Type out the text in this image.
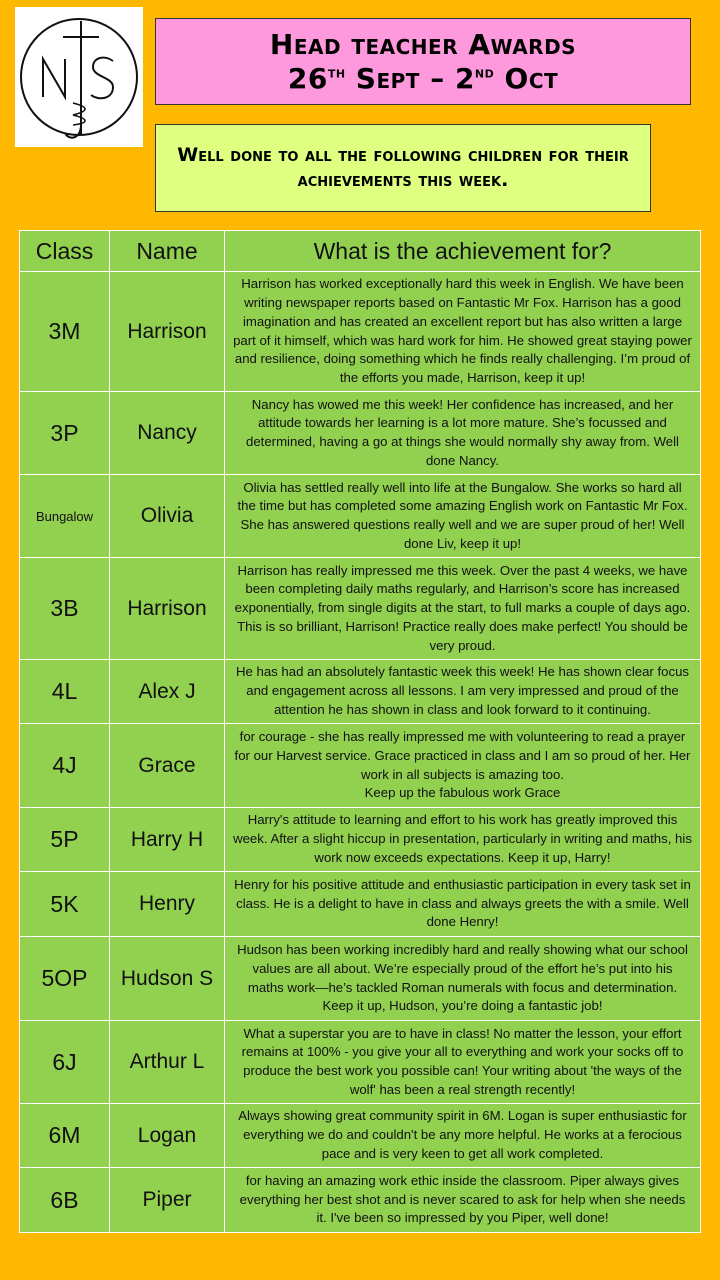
Head teacher Awards
26th Sept – 2nd Oct
Well done to all the following children for their achievements this week.
Class	Name	What is the achievement for?
3M	Harrison	Harrison has worked exceptionally hard this week in English. We have been writing newspaper reports based on Fantastic Mr Fox. Harrison has a good imagination and has created an excellent report but has also written a large part of it himself, which was hard work for him. He showed great staying power and resilience, doing something which he finds really challenging. I’m proud of the efforts you made, Harrison, keep it up!
3P	Nancy	Nancy has wowed me this week! Her confidence has increased, and her attitude towards her learning is a lot more mature. She’s focussed and determined, having a go at things she would normally shy away from. Well done Nancy.
Bungalow	Olivia	Olivia has settled really well into life at the Bungalow. She works so hard all the time but has completed some amazing English work on Fantastic Mr Fox. She has answered questions really well and we are super proud of her! Well done Liv, keep it up!
3B	Harrison	Harrison has really impressed me this week. Over the past 4 weeks, we have been completing daily maths regularly, and Harrison’s score has increased exponentially, from single digits at the start, to full marks a couple of days ago. This is so brilliant, Harrison! Practice really does make perfect! You should be very proud.
4L	Alex J	He has had an absolutely fantastic week this week! He has shown clear focus and engagement across all lessons. I am very impressed and proud of the attention he has shown in class and look forward to it continuing.
4J	Grace	for courage - she has really impressed me with volunteering to read a prayer for our Harvest service. Grace practiced in class and I am so proud of her. Her work in all subjects is amazing too.
Keep up the fabulous work Grace
5P	Harry H	Harry's attitude to learning and effort to his work has greatly improved this week. After a slight hiccup in presentation, particularly in writing and maths, his work now exceeds expectations. Keep it up, Harry!
5K	Henry	Henry for his positive attitude and enthusiastic participation in every task set in class. He is a delight to have in class and always greets the with a smile. Well done Henry!
5OP	Hudson S	Hudson has been working incredibly hard and really showing what our school values are all about. We’re especially proud of the effort he’s put into his maths work—he’s tackled Roman numerals with focus and determination. Keep it up, Hudson, you’re doing a fantastic job!
6J	Arthur L	What a superstar you are to have in class! No matter the lesson, your effort remains at 100% - you give your all to everything and work your socks off to produce the best work you possible can! Your writing about 'the ways of the wolf' has been a real strength recently!
6M	Logan	Always showing great community spirit in 6M. Logan is super enthusiastic for everything we do and couldn't be any more helpful. He works at a ferocious pace and is very keen to get all work completed.
6B	Piper	for having an amazing work ethic inside the classroom. Piper always gives everything her best shot and is never scared to ask for help when she needs it. I've been so impressed by you Piper, well done!
